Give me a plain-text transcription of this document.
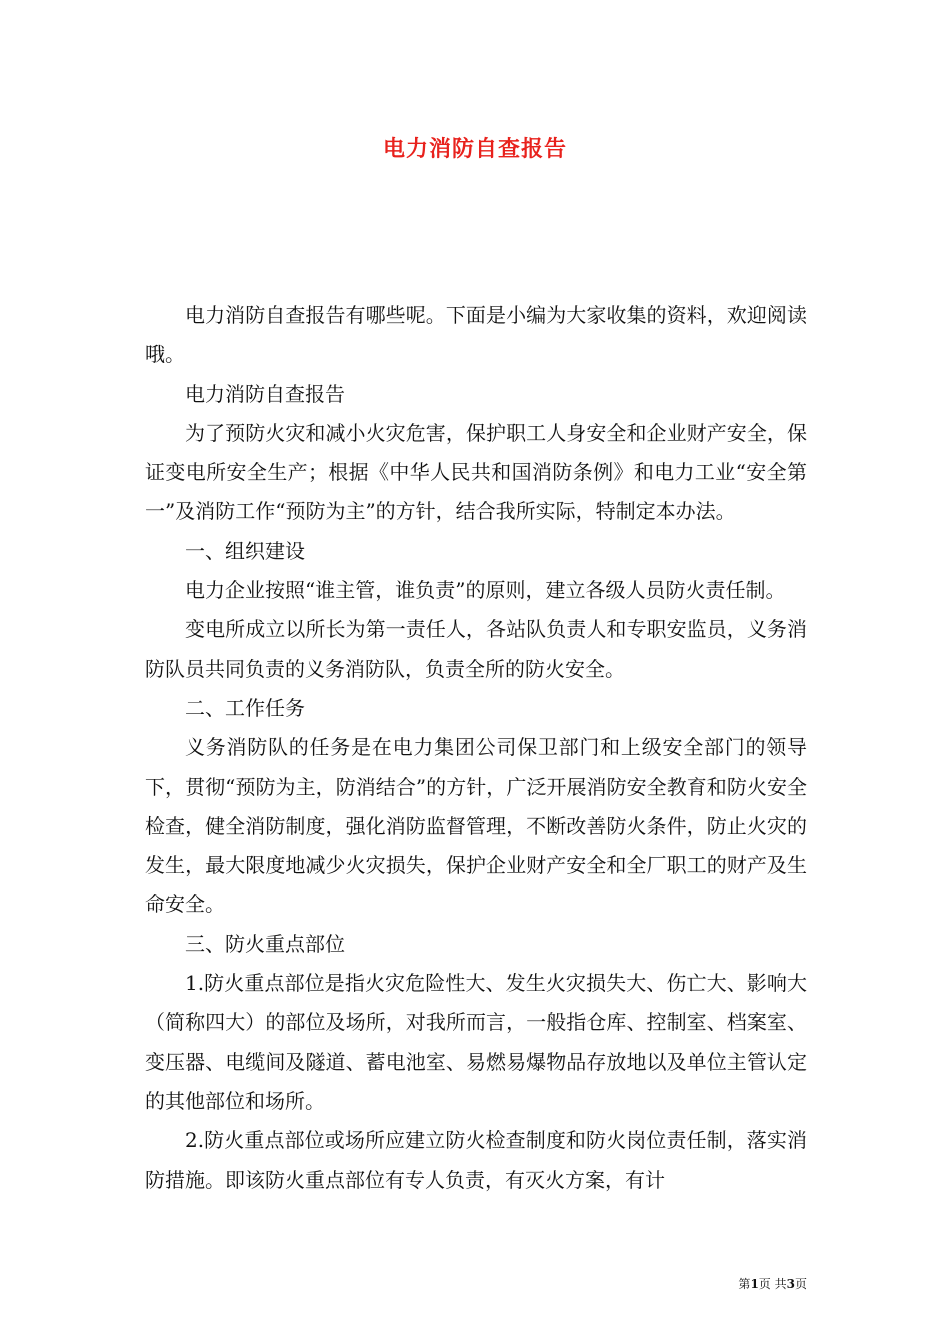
电力消防自查报告

电力消防自查报告有哪些呢。下面是小编为大家收集的资料，欢迎阅读哦。

电力消防自查报告

为了预防火灾和减小火灾危害，保护职工人身安全和企业财产安全，保证变电所安全生产；根据《中华人民共和国消防条例》和电力工业“安全第一”及消防工作“预防为主”的方针，结合我所实际，特制定本办法。

一、组织建设

电力企业按照“谁主管，谁负责”的原则，建立各级人员防火责任制。

变电所成立以所长为第一责任人，各站队负责人和专职安监员，义务消防队员共同负责的义务消防队，负责全所的防火安全。

二、工作任务

义务消防队的任务是在电力集团公司保卫部门和上级安全部门的领导下，贯彻“预防为主，防消结合”的方针，广泛开展消防安全教育和防火安全检查，健全消防制度，强化消防监督管理，不断改善防火条件，防止火灾的发生，最大限度地减少火灾损失，保护企业财产安全和全厂职工的财产及生命安全。

三、防火重点部位

1.防火重点部位是指火灾危险性大、发生火灾损失大、伤亡大、影响大（简称四大）的部位及场所，对我所而言，一般指仓库、控制室、档案室、变压器、电缆间及隧道、蓄电池室、易燃易爆物品存放地以及单位主管认定的其他部位和场所。

2.防火重点部位或场所应建立防火检查制度和防火岗位责任制，落实消防措施。即该防火重点部位有专人负责，有灭火方案，有计

第1页 共3页
